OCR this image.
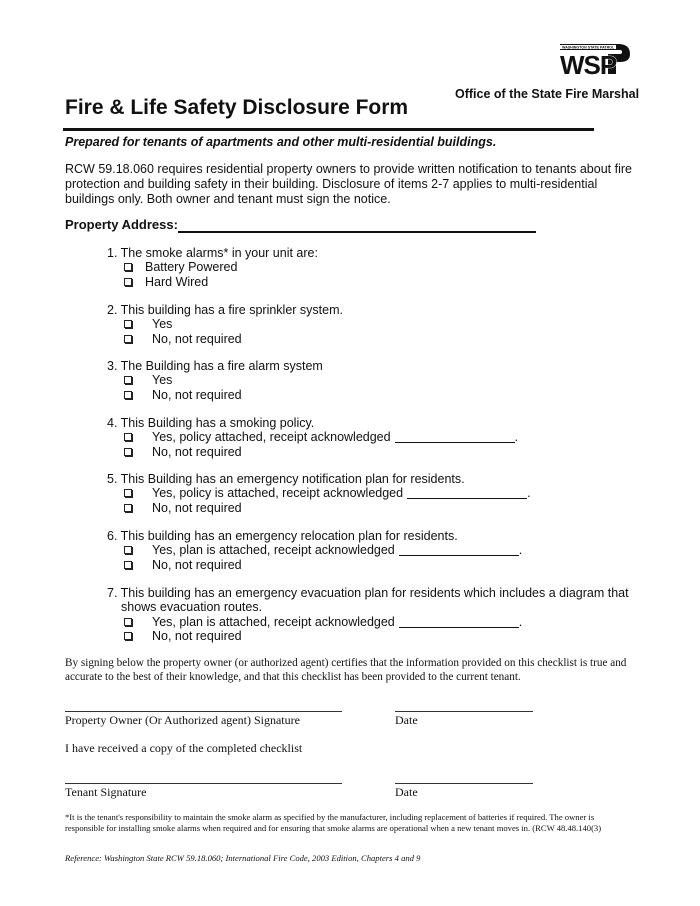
WASHINGTON STATE PATROL
WSP
Office of the State Fire Marshal
Fire & Life Safety Disclosure Form
Prepared for tenants of apartments and other multi-residential buildings.
RCW 59.18.060 requires residential property owners to provide written notification to tenants about fire protection and building safety in their building. Disclosure of items 2-7 applies to multi-residential buildings only. Both owner and tenant must sign the notice.
Property Address:
1. The smoke alarms* in your unit are:
Battery Powered
Hard Wired
2. This building has a fire sprinkler system.
Yes
No, not required
3. The Building has a fire alarm system
Yes
No, not required
4. This Building has a smoking policy.
Yes, policy attached, receipt acknowledged	.
No, not required
5. This Building has an emergency notification plan for residents.
Yes, policy is attached, receipt acknowledged	.
No, not required
6. This building has an emergency relocation plan for residents.
Yes, plan is attached, receipt acknowledged	.
No, not required
7. This building has an emergency evacuation plan for residents which includes a diagram that
shows evacuation routes.
Yes, plan is attached, receipt acknowledged	.
No, not required
By signing below the property owner (or authorized agent) certifies that the information provided on this checklist is true and accurate to the best of their knowledge, and that this checklist has been provided to the current tenant.
Property Owner (Or Authorized agent) Signature	Date
I have received a copy of the completed checklist
Tenant Signature	Date
*It is the tenant's responsibility to maintain the smoke alarm as specified by the manufacturer, including replacement of batteries if required. The owner is responsible for installing smoke alarms when required and for ensuring that smoke alarms are operational when a new tenant moves in. (RCW 48.48.140(3)
Reference: Washington State RCW 59.18.060; International Fire Code, 2003 Edition, Chapters 4 and 9
